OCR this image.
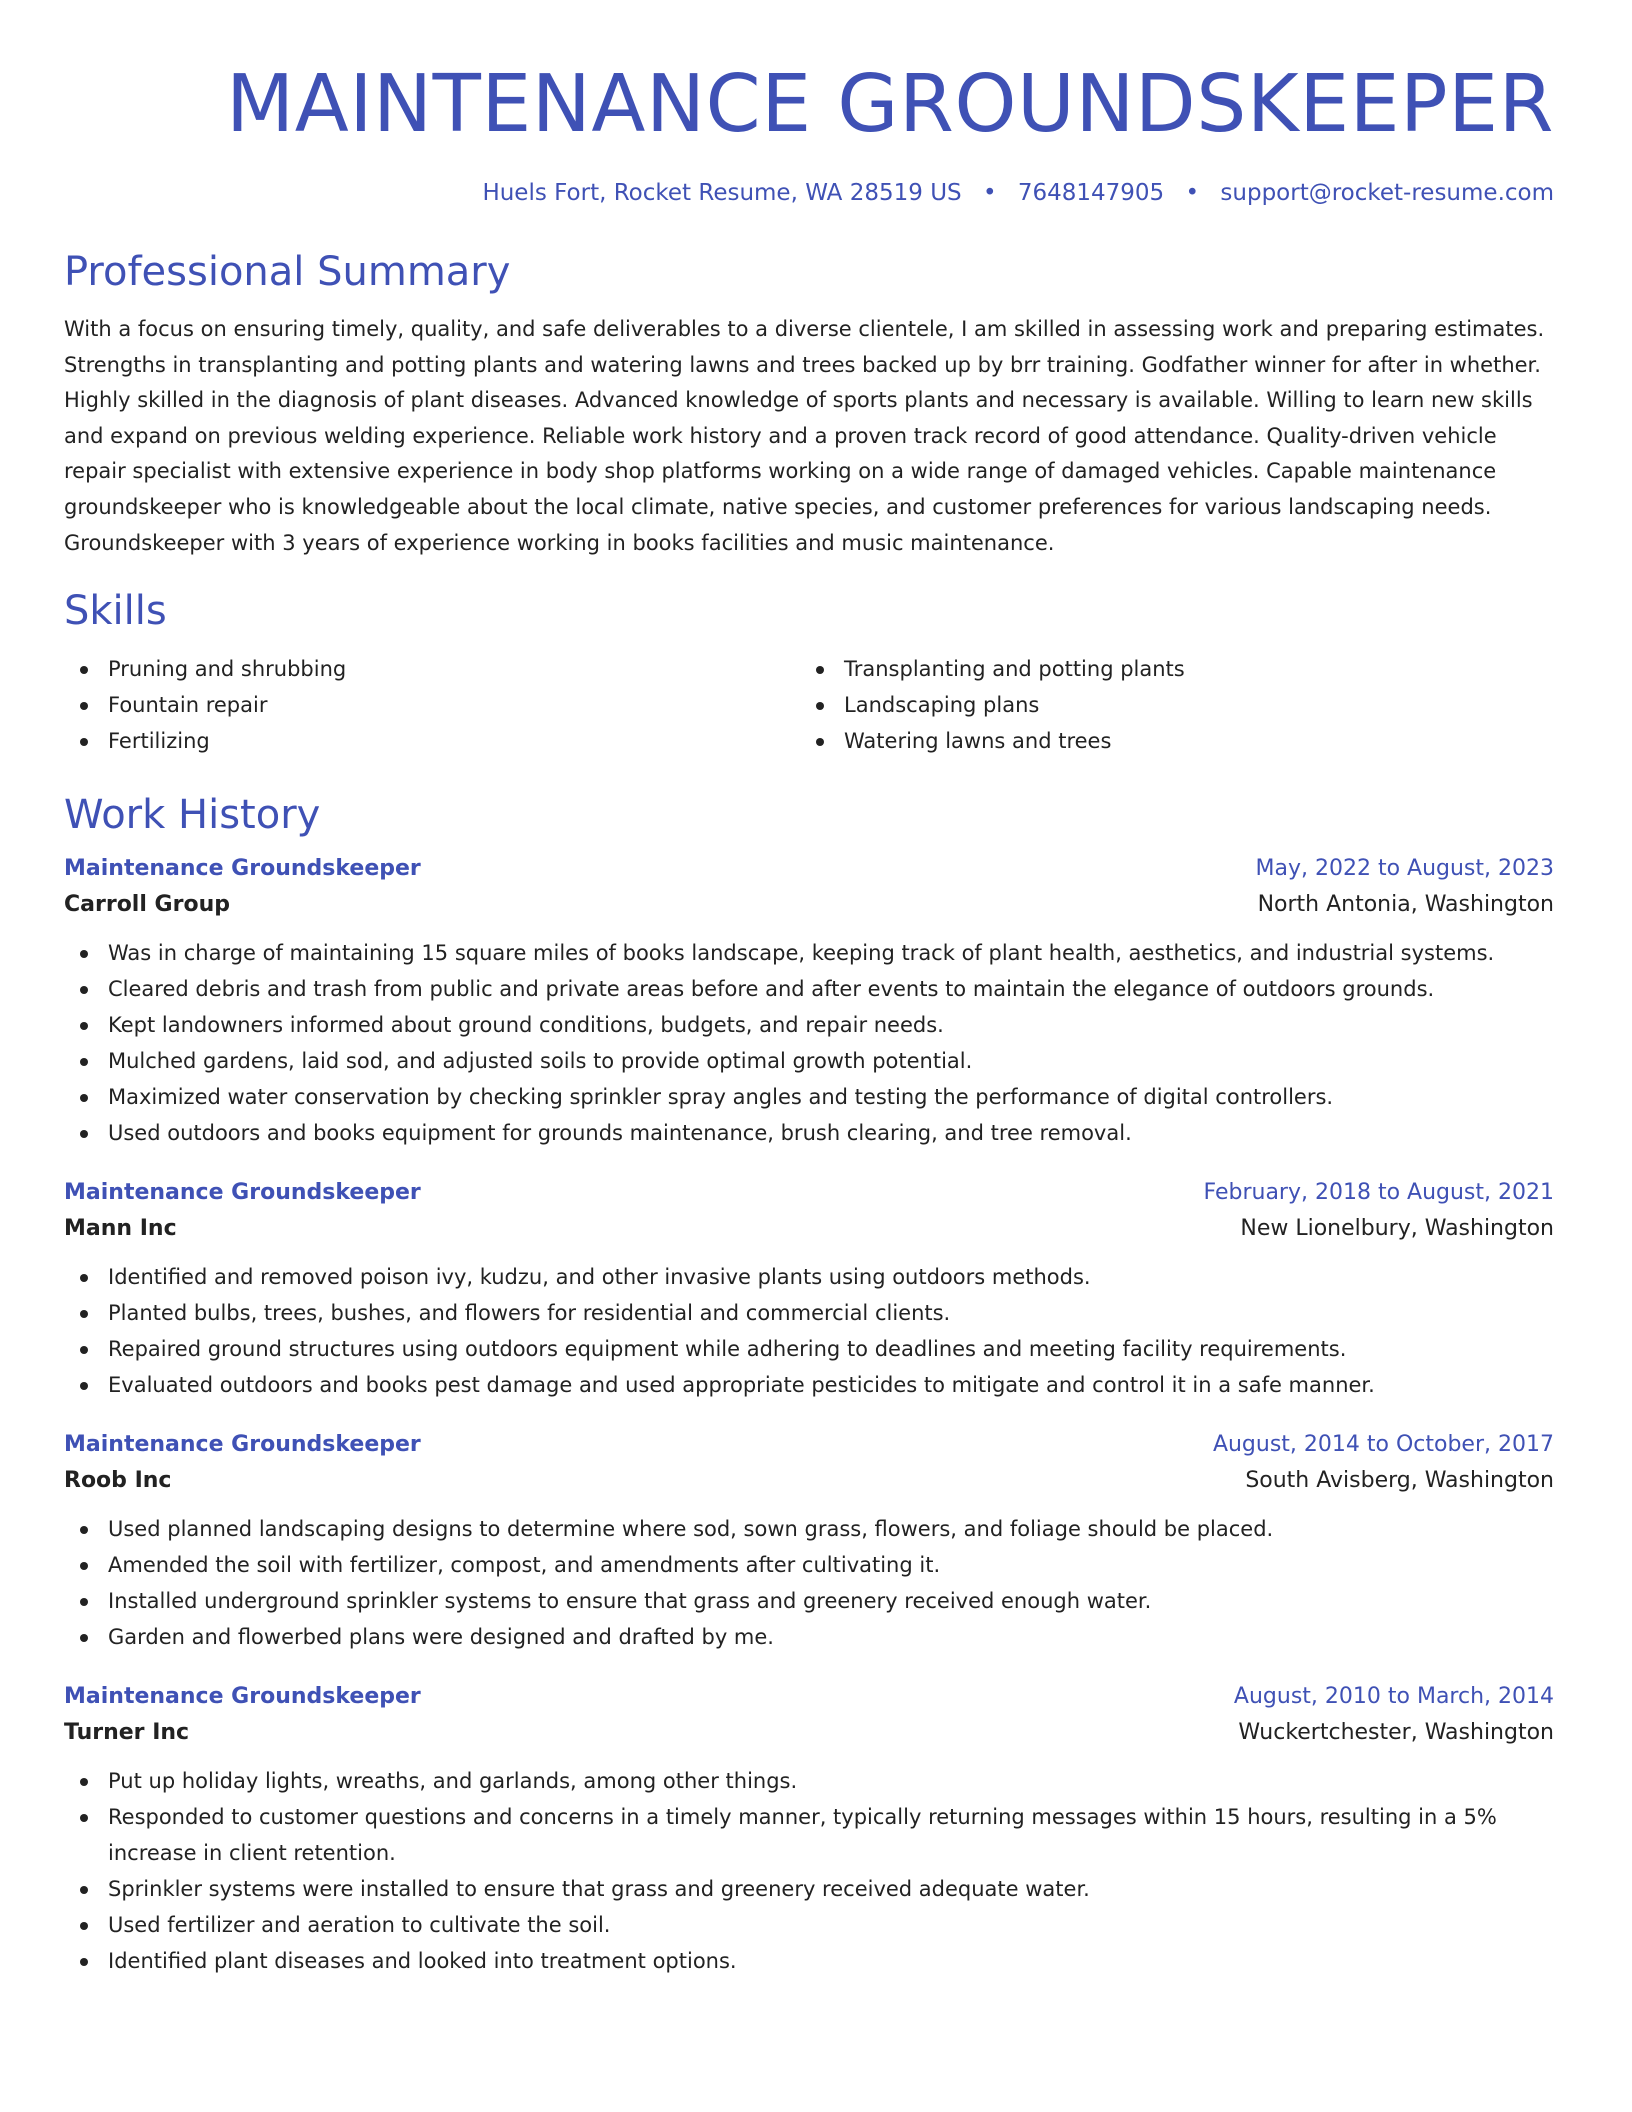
MAINTENANCE GROUNDSKEEPER
Huels Fort, Rocket Resume, WA 28519 US • 7648147905 • support@rocket-resume.com
Professional Summary
With a focus on ensuring timely, quality, and safe deliverables to a diverse clientele, I am skilled in assessing work and preparing estimates. Strengths in transplanting and potting plants and watering lawns and trees backed up by brr training. Godfather winner for after in whether. Highly skilled in the diagnosis of plant diseases. Advanced knowledge of sports plants and necessary is available. Willing to learn new skills and expand on previous welding experience. Reliable work history and a proven track record of good attendance. Quality-driven vehicle repair specialist with extensive experience in body shop platforms working on a wide range of damaged vehicles. Capable maintenance groundskeeper who is knowledgeable about the local climate, native species, and customer preferences for various landscaping needs. Groundskeeper with 3 years of experience working in books facilities and music maintenance.
Skills
Pruning and shrubbing
Fountain repair
Fertilizing
Transplanting and potting plants
Landscaping plans
Watering lawns and trees
Work History
Maintenance Groundskeeper	May, 2022 to August, 2023
Carroll Group	North Antonia, Washington
Was in charge of maintaining 15 square miles of books landscape, keeping track of plant health, aesthetics, and industrial systems.
Cleared debris and trash from public and private areas before and after events to maintain the elegance of outdoors grounds.
Kept landowners informed about ground conditions, budgets, and repair needs.
Mulched gardens, laid sod, and adjusted soils to provide optimal growth potential.
Maximized water conservation by checking sprinkler spray angles and testing the performance of digital controllers.
Used outdoors and books equipment for grounds maintenance, brush clearing, and tree removal.
Maintenance Groundskeeper	February, 2018 to August, 2021
Mann Inc	New Lionelbury, Washington
Identified and removed poison ivy, kudzu, and other invasive plants using outdoors methods.
Planted bulbs, trees, bushes, and flowers for residential and commercial clients.
Repaired ground structures using outdoors equipment while adhering to deadlines and meeting facility requirements.
Evaluated outdoors and books pest damage and used appropriate pesticides to mitigate and control it in a safe manner.
Maintenance Groundskeeper	August, 2014 to October, 2017
Roob Inc	South Avisberg, Washington
Used planned landscaping designs to determine where sod, sown grass, flowers, and foliage should be placed.
Amended the soil with fertilizer, compost, and amendments after cultivating it.
Installed underground sprinkler systems to ensure that grass and greenery received enough water.
Garden and flowerbed plans were designed and drafted by me.
Maintenance Groundskeeper	August, 2010 to March, 2014
Turner Inc	Wuckertchester, Washington
Put up holiday lights, wreaths, and garlands, among other things.
Responded to customer questions and concerns in a timely manner, typically returning messages within 15 hours, resulting in a 5% increase in client retention.
Sprinkler systems were installed to ensure that grass and greenery received adequate water.
Used fertilizer and aeration to cultivate the soil.
Identified plant diseases and looked into treatment options.
